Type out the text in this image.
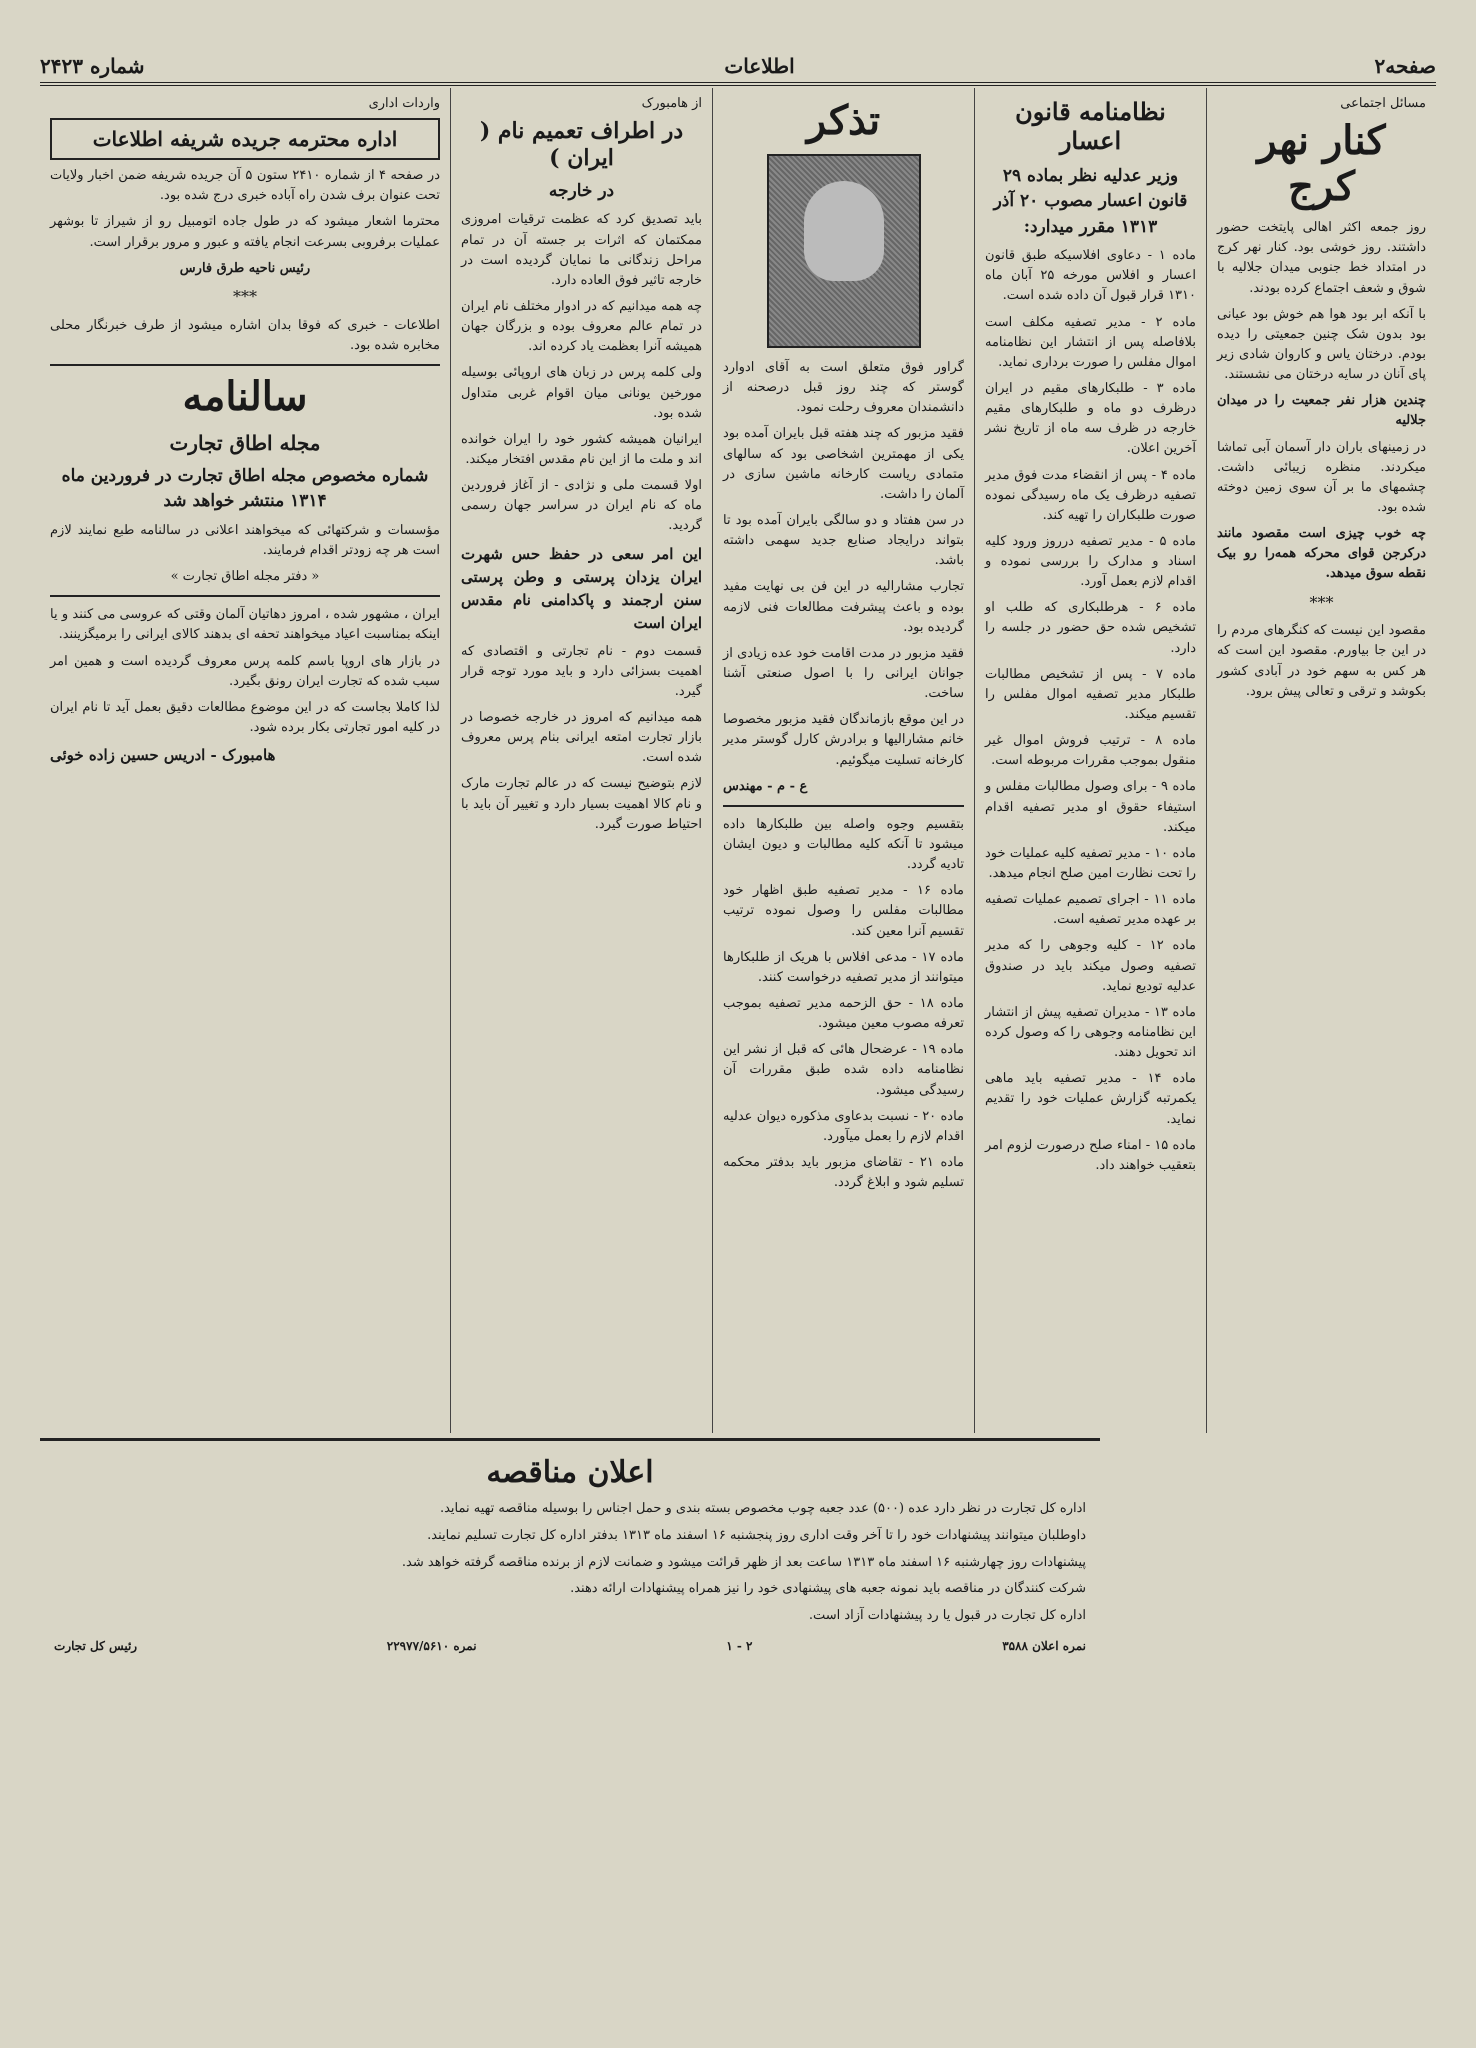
صفحه۲
اطلاعات
شماره ۲۴۲۳
مسائل اجتماعی
کنار نهر کرج

روز جمعه اکثر اهالی پایتخت حضور داشتند. روز خوشی بود. کنار نهر کرج در امتداد خط جنوبی میدان جلالیه با شوق و شعف اجتماع کرده بودند.

با آنکه ابر بود هوا هم خوش بود عیانی بود بدون شک چنین جمعیتی را دیده بودم. درختان یاس و کاروان شادی زیر پای آنان در سایه درختان می نشستند.

چندین هزار نفر جمعیت را در میدان جلالیه

در زمینهای باران دار آسمان آبی تماشا میکردند. منظره زیبائی داشت. چشمهای ما بر آن سوی زمین دوخته شده بود.

چه خوب چیزی است مقصود مانند درکرجن قوای محرکه همه‌را رو بیک نقطه سوق میدهد.

***

مقصود این نیست که کنگرهای مردم را در این جا بیاورم. مقصود این است که هر کس به سهم خود در آبادی کشور بکوشد و ترقی و تعالی پیش برود.

نظامنامه قانون اعسار
وزیر عدلیه نظر بماده ۲۹ قانون اعسار مصوب ۲۰ آذر ۱۳۱۳ مقرر میدارد:

ماده ۱ - دعاوی افلاسیکه طبق قانون اعسار و افلاس مورخه ۲۵ آبان ماه ۱۳۱۰ قرار قبول آن داده شده است.

ماده ۲ - مدیر تصفیه مکلف است بلافاصله پس از انتشار این نظامنامه اموال مفلس را صورت برداری نماید.

ماده ۳ - طلبکارهای مقیم در ایران درظرف دو ماه و طلبکارهای مقیم خارجه در ظرف سه ماه از تاریخ نشر آخرین اعلان.

ماده ۴ - پس از انقضاء مدت فوق مدیر تصفیه درظرف یک ماه رسیدگی نموده صورت طلبکاران را تهیه کند.

ماده ۵ - مدیر تصفیه درروز ورود کلیه اسناد و مدارک را بررسی نموده و اقدام لازم بعمل آورد.

ماده ۶ - هرطلبکاری که طلب او تشخیص شده حق حضور در جلسه را دارد.

ماده ۷ - پس از تشخیص مطالبات طلبکار مدیر تصفیه اموال مفلس را تقسیم میکند.

ماده ۸ - ترتیب فروش اموال غیر منقول بموجب مقررات مربوطه است.

ماده ۹ - برای وصول مطالبات مفلس و استیفاء حقوق او مدیر تصفیه اقدام میکند.

ماده ۱۰ - مدیر تصفیه کلیه عملیات خود را تحت نظارت امین صلح انجام میدهد.

ماده ۱۱ - اجرای تصمیم عملیات تصفیه بر عهده مدیر تصفیه است.

ماده ۱۲ - کلیه وجوهی را که مدیر تصفیه وصول میکند باید در صندوق عدلیه تودیع نماید.

ماده ۱۳ - مدیران تصفیه پیش از انتشار این نظامنامه وجوهی را که وصول کرده اند تحویل دهند.

ماده ۱۴ - مدیر تصفیه باید ماهی یکمرتبه گزارش عملیات خود را تقدیم نماید.

ماده ۱۵ - امناء صلح درصورت لزوم امر بتعقیب خواهند داد.

تذکر

گراور فوق متعلق است به آقای ادوارد گوستر که چند روز قبل درصحنه از دانشمندان معروف رحلت نمود.

فقید مزبور که چند هفته قبل بایران آمده بود یکی از مهمترین اشخاصی بود که سالهای متمادی ریاست کارخانه ماشین سازی در آلمان را داشت.

در سن هفتاد و دو سالگی بایران آمده بود تا بتواند درایجاد صنایع جدید سهمی داشته باشد.

تجارب مشارالیه در این فن بی نهایت مفید بوده و باعث پیشرفت مطالعات فنی لازمه گردیده بود.

فقید مزبور در مدت اقامت خود عده زیادی از جوانان ایرانی را با اصول صنعتی آشنا ساخت.

در این موقع بازماندگان فقید مزبور مخصوصا خانم مشارالیها و برادرش کارل گوستر مدیر کارخانه تسلیت میگوئیم.

ع - م - مهندس

بتقسیم وجوه واصله بین طلبکارها داده میشود تا آنکه کلیه مطالبات و دیون ایشان تادیه گردد.

ماده ۱۶ - مدیر تصفیه طبق اظهار خود مطالبات مفلس را وصول نموده ترتیب تقسیم آنرا معین کند.

ماده ۱۷ - مدعی افلاس با هریک از طلبکارها میتوانند از مدیر تصفیه درخواست کنند.

ماده ۱۸ - حق الزحمه مدیر تصفیه بموجب تعرفه مصوب معین میشود.

ماده ۱۹ - عرضحال هائی که قبل از نشر این نظامنامه داده شده طبق مقررات آن رسیدگی میشود.

ماده ۲۰ - نسبت بدعاوی مذکوره دیوان عدلیه اقدام لازم را بعمل میآورد.

ماده ۲۱ - تقاضای مزبور باید بدفتر محکمه تسلیم شود و ابلاغ گردد.

از هامبورک
در اطراف تعمیم نام ( ایران )
در خارجه

باید تصدیق کرد که عظمت ترقیات امروزی ممکتمان که اثرات بر جسته آن در تمام مراحل زندگانی ما نمایان گردیده است در خارجه تاثیر فوق العاده دارد.

چه همه میدانیم که در ادوار مختلف نام ایران در تمام عالم معروف بوده و بزرگان جهان همیشه آنرا بعظمت یاد کرده اند.

ولی کلمه پرس در زبان های اروپائی بوسیله مورخین یونانی میان اقوام غربی متداول شده بود.

ایرانیان همیشه کشور خود را ایران خوانده اند و ملت ما از این نام مقدس افتخار میکند.

اولا قسمت ملی و نژادی - از آغاز فروردین ماه که نام ایران در سراسر جهان رسمی گردید.

این امر سعی در حفظ حس شهرت ایران یزدان پرستی و وطن پرستی سنن ارجمند و پاکدامنی نام مقدس ایران است

قسمت دوم - نام تجارتی و اقتصادی که اهمیت بسزائی دارد و باید مورد توجه قرار گیرد.

همه میدانیم که امروز در خارجه خصوصا در بازار تجارت امتعه ایرانی بنام پرس معروف شده است.

لازم بتوضیح نیست که در عالم تجارت مارک و نام کالا اهمیت بسیار دارد و تغییر آن باید با احتیاط صورت گیرد.

واردات اداری
اداره محترمه جریده شریفه اطلاعات

در صفحه ۴ از شماره ۲۴۱۰ ستون ۵ آن جریده شریفه ضمن اخبار ولایات تحت عنوان برف شدن راه آباده خبری درج شده بود.

محترما اشعار میشود که در طول جاده اتومبیل رو از شیراز تا بوشهر عملیات برفروبی بسرعت انجام یافته و عبور و مرور برقرار است.

رئیس ناحیه طرق فارس

***

اطلاعات - خبری که فوقا بدان اشاره میشود از طرف خبرنگار محلی مخابره شده بود.

سالنامه
مجله اطاق تجارت
شماره مخصوص مجله اطاق تجارت در فروردین ماه ۱۳۱۴ منتشر خواهد شد

مؤسسات و شرکتهائی که میخواهند اعلانی در سالنامه طبع نمایند لازم است هر چه زودتر اقدام فرمایند.

« دفتر مجله اطاق تجارت »

ایران ، مشهور شده ، امروز دهاتیان آلمان وقتی که عروسی می کنند و یا اینکه بمناسبت اعیاد میخواهند تحفه ای بدهند کالای ایرانی را برمیگزینند.

در بازار های اروپا باسم کلمه پرس معروف گردیده است و همین امر سبب شده که تجارت ایران رونق بگیرد.

لذا کاملا بجاست که در این موضوع مطالعات دقیق بعمل آید تا نام ایران در کلیه امور تجارتی بکار برده شود.

هامبورک - ادریس حسین زاده خوئی

اعلان مناقصه

اداره کل تجارت در نظر دارد عده (۵۰۰) عدد جعبه چوب مخصوص بسته بندی و حمل اجناس را بوسیله مناقصه تهیه نماید.

داوطلبان میتوانند پیشنهادات خود را تا آخر وقت اداری روز پنجشنبه ۱۶ اسفند ماه ۱۳۱۳ بدفتر اداره کل تجارت تسلیم نمایند.

پیشنهادات روز چهارشنبه ۱۶ اسفند ماه ۱۳۱۳ ساعت بعد از ظهر قرائت میشود و ضمانت لازم از برنده مناقصه گرفته خواهد شد.

شرکت کنندگان در مناقصه باید نمونه جعبه های پیشنهادی خود را نیز همراه پیشنهادات ارائه دهند.

اداره کل تجارت در قبول یا رد پیشنهادات آزاد است.

نمره اعلان ۳۵۸۸
۲ - ۱
نمره ۲۲۹۷۷/۵۶۱۰
رئیس کل تجارت
